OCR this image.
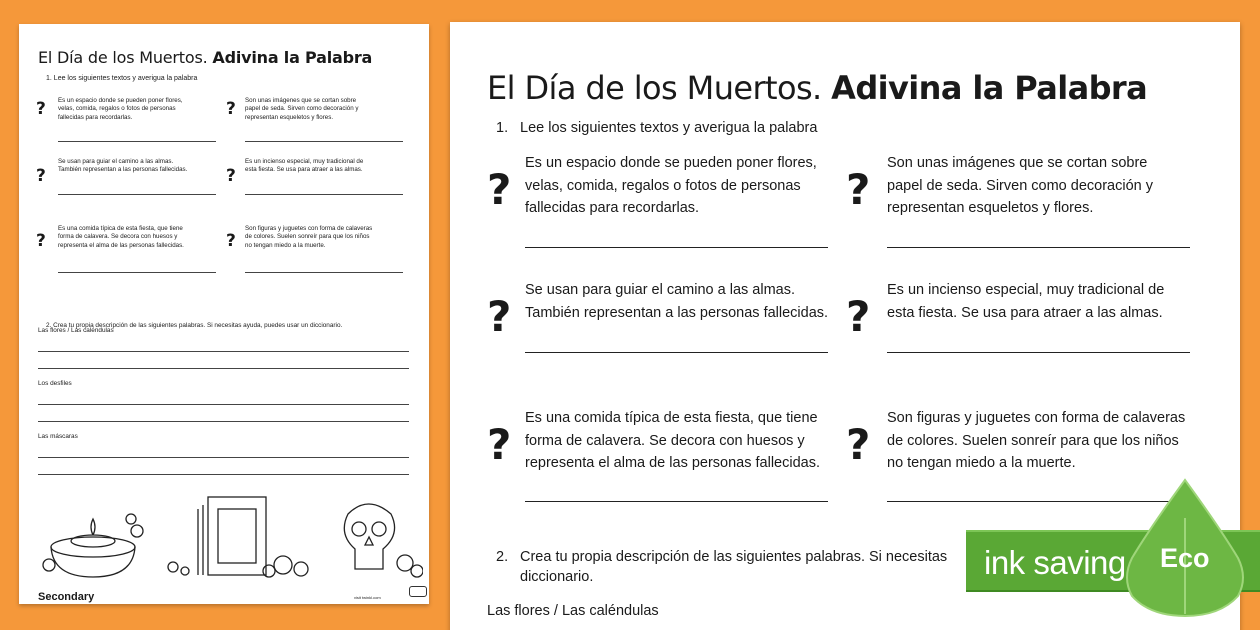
El Día de los Muertos. Adivina la Palabra
1. Lee los siguientes textos y averigua la palabra
? Es un espacio donde se pueden poner flores,
velas, comida, regalos o fotos de personas
fallecidas para recordarlas.	? Son unas imágenes que se cortan sobre
papel de seda. Sirven como decoración y
representan esqueletos y flores.
?
Se usan para guiar el camino a las almas.
También representan a las personas fallecidas.	?
Es un incienso especial, muy tradicional de
esta fiesta. Se usa para atraer a las almas.
?
Es una comida típica de esta fiesta, que tiene
forma de calavera. Se decora con huesos y
representa el alma de las personas fallecidas.	?
Son figuras y juguetes con forma de calaveras
de colores. Suelen sonreír para que los niños
no tengan miedo a la muerte.
2. Crea tu propia descripción de las siguientes palabras. Si necesitas ayuda, puedes usar un diccionario.
Las flores / Las caléndulas
Los desfiles
Las máscaras
Secondary	visit twinkl.com
El Día de los Muertos. Adivina la Palabra
1. Lee los siguientes textos y averigua la palabra
?
Es un espacio donde se pueden poner flores,
velas, comida, regalos o fotos de personas
fallecidas para recordarlas.	?
Son unas imágenes que se cortan sobre
papel de seda. Sirven como decoración y
representan esqueletos y flores.
?
Se usan para guiar el camino a las almas.
También representan a las personas fallecidas. ?
Es un incienso especial, muy tradicional de
esta fiesta. Se usa para atraer a las almas.
?
Es una comida típica de esta fiesta, que tiene
forma de calavera. Se decora con huesos y
representa el alma de las personas fallecidas. ?
Son figuras y juguetes con forma de calaveras
de colores. Suelen sonreír para que los niños
no tengan miedo a la muerte.
2. Crea tu propia descripción de las siguientes palabras. Si necesitas
diccionario.
Las flores / Las caléndulas
ink saving Eco
